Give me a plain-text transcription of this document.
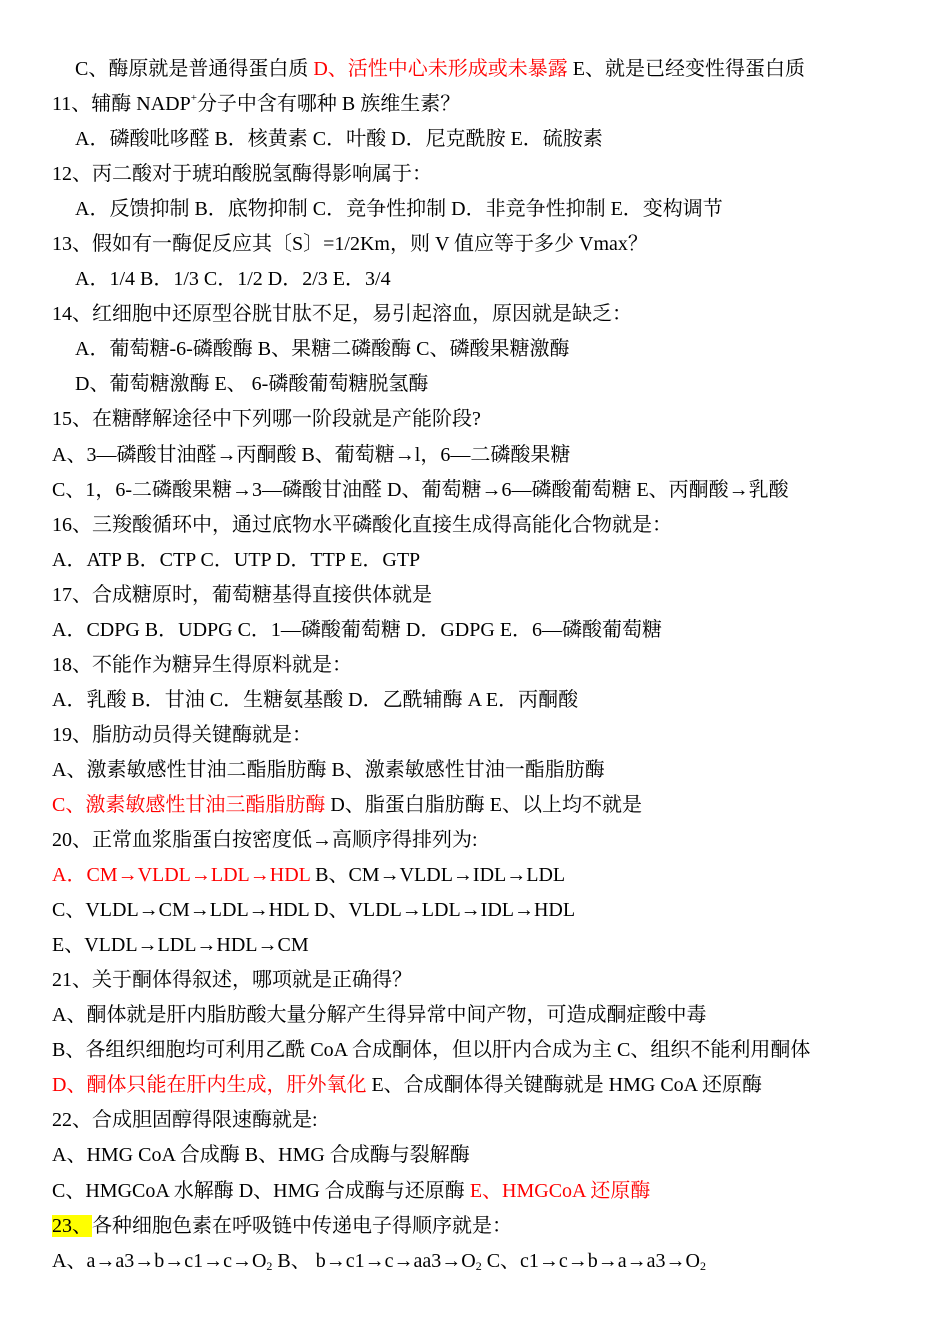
C、酶原就是普通得蛋白质 D、活性中心未形成或未暴露 E、就是已经变性得蛋白质
11、辅酶 NADP+分子中含有哪种 B 族维生素？
A．磷酸吡哆醛 B．核黄素 C．叶酸 D．尼克酰胺 E．硫胺素
12、丙二酸对于琥珀酸脱氢酶得影响属于：
A．反馈抑制 B．底物抑制 C．竞争性抑制 D．非竞争性抑制 E．变构调节
13、假如有一酶促反应其〔S〕=1/2Km，则 V 值应等于多少 Vmax？
A．1/4 B．1/3 C．1/2 D．2/3 E．3/4
14、红细胞中还原型谷胱甘肽不足，易引起溶血，原因就是缺乏：
A．葡萄糖-6-磷酸酶 B、果糖二磷酸酶 C、磷酸果糖激酶
D、葡萄糖激酶 E、 6-磷酸葡萄糖脱氢酶
15、在糖酵解途径中下列哪一阶段就是产能阶段?
A、3—磷酸甘油醛→丙酮酸 B、葡萄糖→l，6—二磷酸果糖
C、1，6-二磷酸果糖→3—磷酸甘油醛 D、葡萄糖→6—磷酸葡萄糖 E、丙酮酸→乳酸
16、三羧酸循环中，通过底物水平磷酸化直接生成得高能化合物就是：
A．ATP B．CTP C．UTP D．TTP E．GTP
17、合成糖原时，葡萄糖基得直接供体就是
A．CDPG B．UDPG C．1—磷酸葡萄糖 D．GDPG E．6—磷酸葡萄糖
18、不能作为糖异生得原料就是：
A．乳酸 B．甘油 C．生糖氨基酸 D．乙酰辅酶 A E．丙酮酸
19、脂肪动员得关键酶就是：
A、激素敏感性甘油二酯脂肪酶 B、激素敏感性甘油一酯脂肪酶
C、激素敏感性甘油三酯脂肪酶 D、脂蛋白脂肪酶 E、以上均不就是
20、正常血浆脂蛋白按密度低→高顺序得排列为:
A．CM→VLDL→LDL→HDL B、CM→VLDL→IDL→LDL
C、VLDL→CM→LDL→HDL D、VLDL→LDL→IDL→HDL
E、VLDL→LDL→HDL→CM
21、关于酮体得叙述，哪项就是正确得？
A、酮体就是肝内脂肪酸大量分解产生得异常中间产物，可造成酮症酸中毒
B、各组织细胞均可利用乙酰 CoA 合成酮体，但以肝内合成为主 C、组织不能利用酮体
D、酮体只能在肝内生成，肝外氧化 E、合成酮体得关键酶就是 HMG CoA 还原酶
22、合成胆固醇得限速酶就是:
A、HMG CoA 合成酶 B、HMG 合成酶与裂解酶
C、HMGCoA 水解酶 D、HMG 合成酶与还原酶 E、HMGCoA 还原酶
23、各种细胞色素在呼吸链中传递电子得顺序就是：
A、$a\to a3\to b\to c1\to c\to O_2$ B、 $b\to c1\to c\to aa3\to O_2$ C、$c1\to c\to b\to a\to a3\to O_2$
